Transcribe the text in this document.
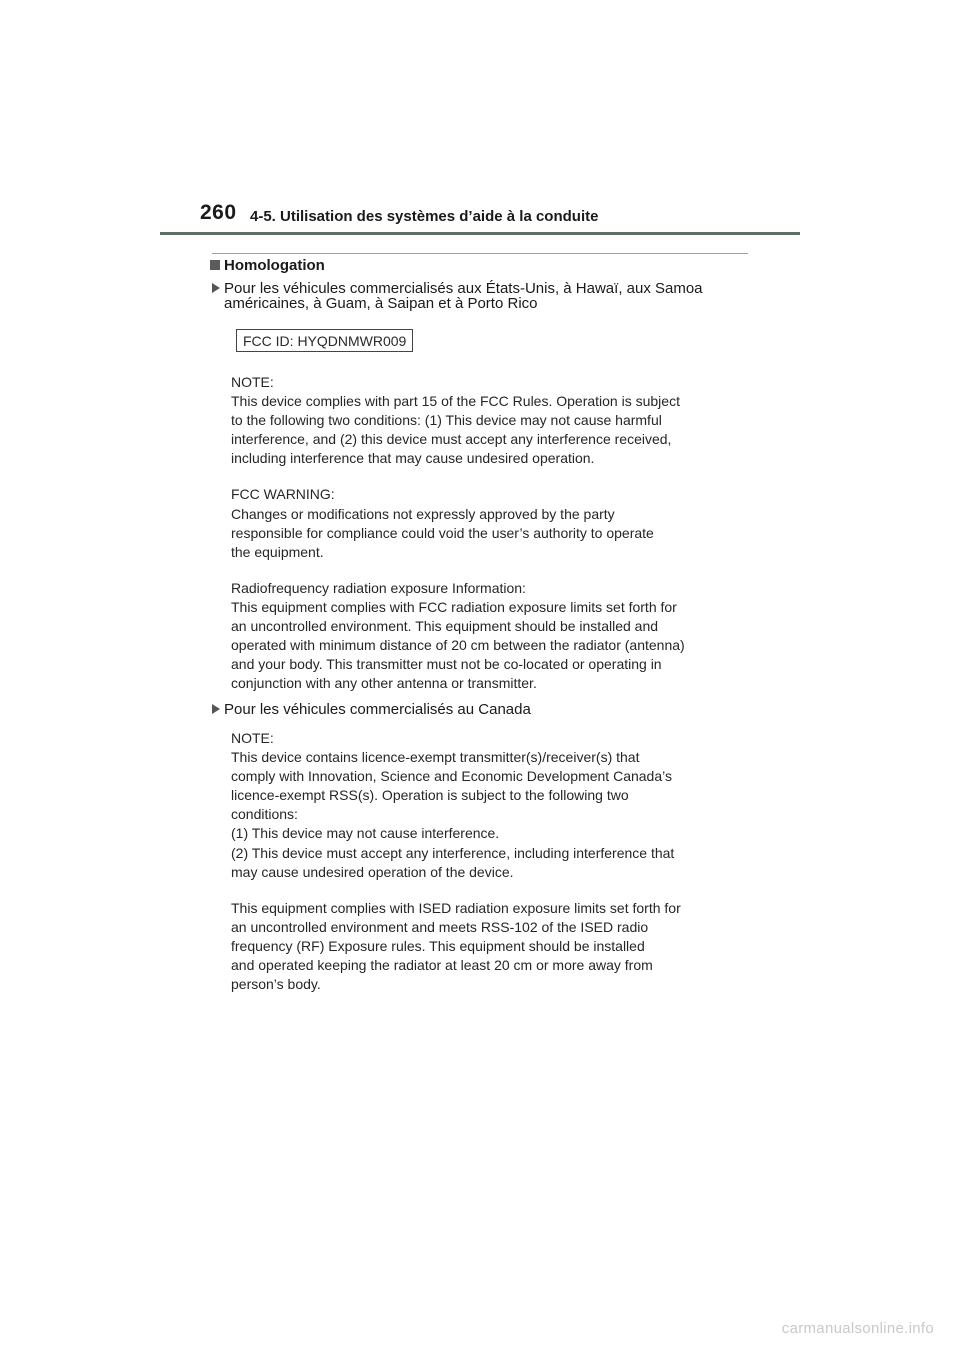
260 4-5. Utilisation des systèmes d’aide à la conduite
Homologation
Pour les véhicules commercialisés aux États-Unis, à Hawaï, aux Samoa
américaines, à Guam, à Saipan et à Porto Rico
FCC ID: HYQDNMWR009
NOTE:
This device complies with part 15 of the FCC Rules. Operation is subject
to the following two conditions: (1) This device may not cause harmful
interference, and (2) this device must accept any interference received,
including interference that may cause undesired operation.
FCC WARNING:
Changes or modifications not expressly approved by the party
responsible for compliance could void the user’s authority to operate
the equipment.
Radiofrequency radiation exposure Information:
This equipment complies with FCC radiation exposure limits set forth for
an uncontrolled environment. This equipment should be installed and
operated with minimum distance of 20 cm between the radiator (antenna)
and your body. This transmitter must not be co-located or operating in
conjunction with any other antenna or transmitter.
Pour les véhicules commercialisés au Canada
NOTE:
This device contains licence-exempt transmitter(s)/receiver(s) that
comply with Innovation, Science and Economic Development Canada’s
licence-exempt RSS(s). Operation is subject to the following two
conditions:
(1) This device may not cause interference.
(2) This device must accept any interference, including interference that
may cause undesired operation of the device.
This equipment complies with ISED radiation exposure limits set forth for
an uncontrolled environment and meets RSS-102 of the ISED radio
frequency (RF) Exposure rules. This equipment should be installed
and operated keeping the radiator at least 20 cm or more away from
person’s body.
carmanualsonline.info
